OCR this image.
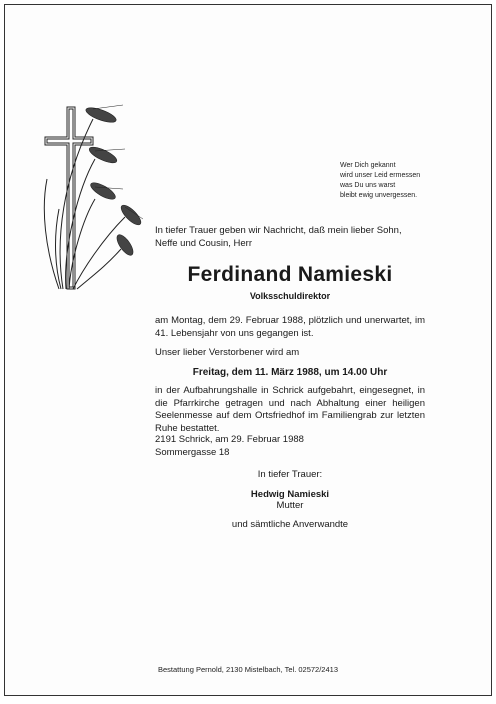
Wer Dich gekannt
wird unser Leid ermessen
was Du uns warst
bleibt ewig unvergessen.
In tiefer Trauer geben wir Nachricht, daß mein lieber Sohn, Neffe und Cousin, Herr
Ferdinand Namieski
Volksschuldirektor
am Montag, dem 29. Februar 1988, plötzlich und unerwartet, im 41. Lebensjahr von uns gegangen ist.
Unser lieber Verstorbener wird am
Freitag, dem 11. März 1988, um 14.00 Uhr
in der Aufbahrungshalle in Schrick aufgebahrt, eingesegnet, in die Pfarrkirche getragen und nach Abhaltung einer heiligen Seelenmesse auf dem Ortsfriedhof im Familiengrab zur letzten Ruhe bestattet.
2191 Schrick, am 29. Februar 1988
Sommergasse 18
In tiefer Trauer:
Hedwig Namieski
Mutter
und sämtliche Anverwandte
Bestattung Pernold, 2130 Mistelbach, Tel. 02572/2413
